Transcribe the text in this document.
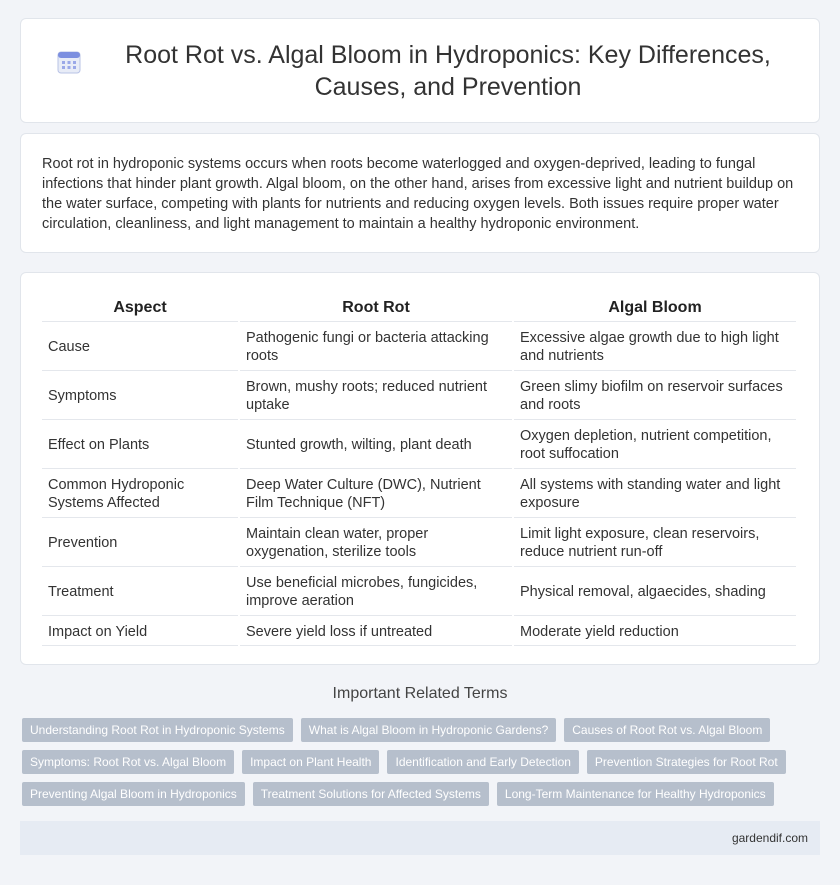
Root Rot vs. Algal Bloom in Hydroponics: Key Differences, Causes, and Prevention

Root rot in hydroponic systems occurs when roots become waterlogged and oxygen-deprived, leading to fungal infections that hinder plant growth. Algal bloom, on the other hand, arises from excessive light and nutrient buildup on the water surface, competing with plants for nutrients and reducing oxygen levels. Both issues require proper water circulation, cleanliness, and light management to maintain a healthy hydroponic environment.

Aspect	Root Rot	Algal Bloom
Cause	Pathogenic fungi or bacteria attacking roots	Excessive algae growth due to high light and nutrients
Symptoms	Brown, mushy roots; reduced nutrient uptake	Green slimy biofilm on reservoir surfaces and roots
Effect on Plants	Stunted growth, wilting, plant death	Oxygen depletion, nutrient competition, root suffocation
Common Hydroponic Systems Affected	Deep Water Culture (DWC), Nutrient Film Technique (NFT)	All systems with standing water and light exposure
Prevention	Maintain clean water, proper oxygenation, sterilize tools	Limit light exposure, clean reservoirs, reduce nutrient run-off
Treatment	Use beneficial microbes, fungicides, improve aeration	Physical removal, algaecides, shading
Impact on Yield	Severe yield loss if untreated	Moderate yield reduction
Important Related Terms
Understanding Root Rot in Hydroponic Systems	What is Algal Bloom in Hydroponic Gardens?	Causes of Root Rot vs. Algal Bloom
Symptoms: Root Rot vs. Algal Bloom	Impact on Plant Health	Identification and Early Detection	Prevention Strategies for Root Rot
Preventing Algal Bloom in Hydroponics	Treatment Solutions for Affected Systems	Long-Term Maintenance for Healthy Hydroponics
gardendif.com
